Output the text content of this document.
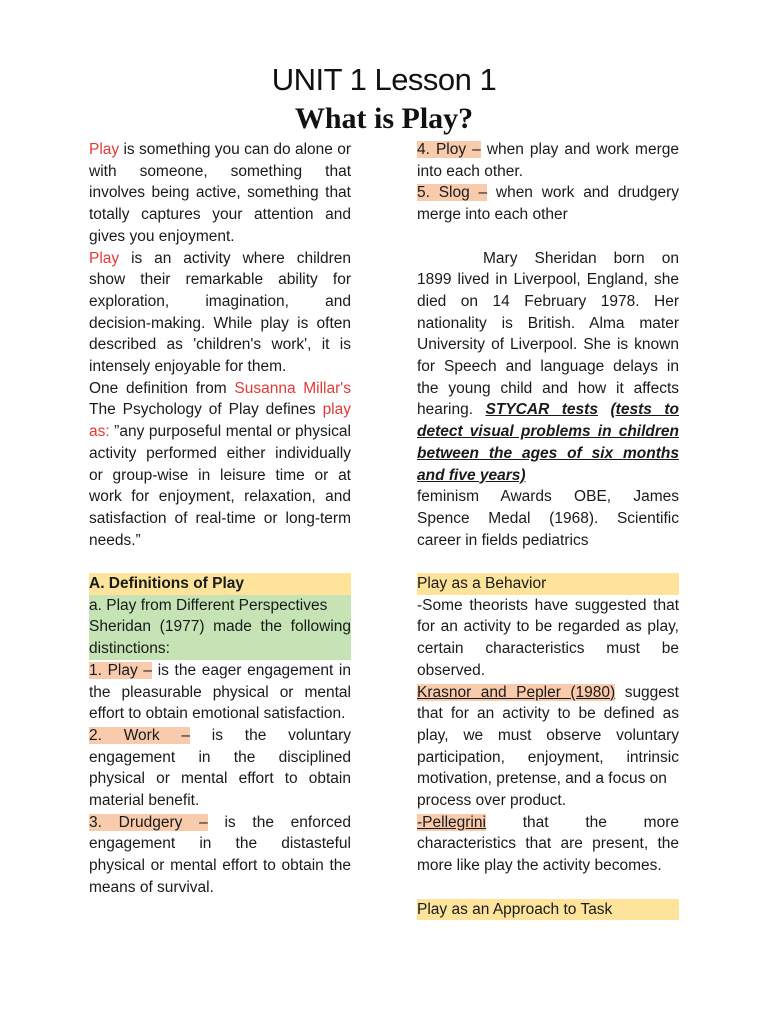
UNIT 1 Lesson 1
What is Play?

Play is something you can do alone or with someone, something that involves being active, something that totally captures your attention and gives you enjoyment.

Play is an activity where children show their remarkable ability for exploration, imagination, and decision-making. While play is often described as 'children's work', it is intensely enjoyable for them.

One definition from Susanna Millar's The Psychology of Play defines play as: ”any purposeful mental or physical activity performed either individually or group-wise in leisure time or at work for enjoyment, relaxation, and satisfaction of real-time or long-term needs.”

A. Definitions of Play
a. Play from Different Perspectives
Sheridan (1977) made the following distinctions:

1. Play – is the eager engagement in the pleasurable physical or mental effort to obtain emotional satisfaction.

2. Work – is the voluntary engagement in the disciplined physical or mental effort to obtain material benefit.

3. Drudgery – is the enforced engagement in the distasteful physical or mental effort to obtain the means of survival.

4. Ploy – when play and work merge into each other.

5. Slog – when work and drudgery merge into each other

Mary Sheridan born on 1899 lived in Liverpool, England, she died on 14 February 1978. Her nationality is British. Alma mater University of Liverpool. She is known for Speech and language delays in the young child and how it affects hearing. STYCAR tests (tests to detect visual problems in children between the ages of six months and five years)

feminism Awards OBE, James Spence Medal (1968). Scientific career in fields pediatrics

Play as a Behavior

-Some theorists have suggested that for an activity to be regarded as play, certain characteristics must be observed.

Krasnor and Pepler (1980) suggest that for an activity to be defined as play, we must observe voluntary participation, enjoyment, intrinsic motivation, pretense, and a focus on

process over product.

-Pellegrini that the more characteristics that are present, the more like play the activity becomes.

Play as an Approach to Task
